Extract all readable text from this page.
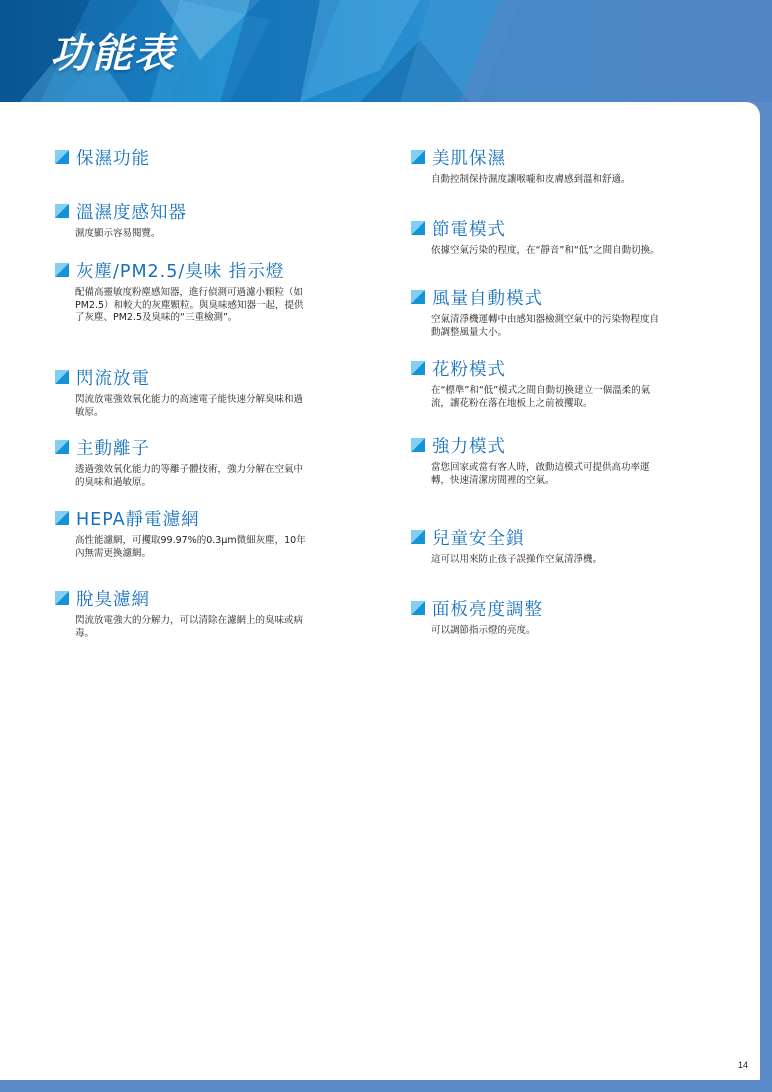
功能表
保濕功能
溫濕度感知器
濕度顯示容易閱覽。
灰塵/PM2.5/臭味 指示燈
配備高靈敏度粉塵感知器，進行偵測可過濾小顆粒（如PM2.5）和較大的灰塵顆粒。與臭味感知器一起，提供了灰塵、PM2.5及臭味的“三重檢測”。
閃流放電
閃流放電強效氧化能力的高速電子能快速分解臭味和過敏原。
主動離子
透過強效氧化能力的等離子體技術，強力分解在空氣中的臭味和過敏原。
HEPA靜電濾網
高性能濾網，可攫取99.97%的0.3μm微細灰塵，10年內無需更換濾網。
脫臭濾網
閃流放電強大的分解力，可以清除在濾網上的臭味或病毒。
美肌保濕
自動控制保持濕度讓喉嚨和皮膚感到溫和舒適。
節電模式
依據空氣污染的程度，在“靜音”和“低”之間自動切換。
風量自動模式
空氣清淨機運轉中由感知器檢測空氣中的污染物程度自動調整風量大小。
花粉模式
在“標準”和“低”模式之間自動切換建立一個溫柔的氣流，讓花粉在落在地板上之前被攫取。
強力模式
當您回家或當有客人時，啟動這模式可提供高功率運轉，快速清潔房間裡的空氣。
兒童安全鎖
這可以用來防止孩子誤操作空氣清淨機。
面板亮度調整
可以調節指示燈的亮度。
14
